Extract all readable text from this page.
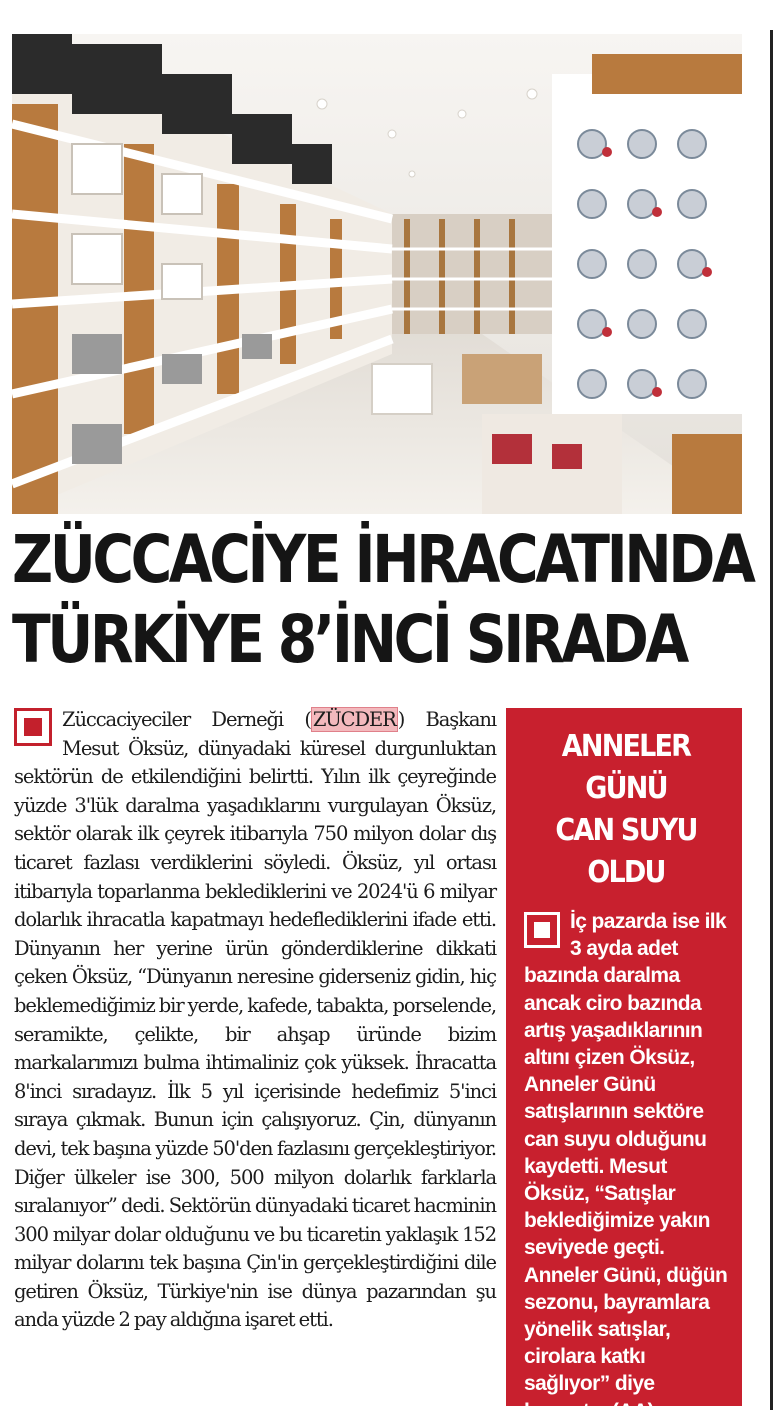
ZÜCCACİYE İHRACATINDA
TÜRKİYE 8’İNCİ SIRADA
Züccaciyeciler Derneği ( ZÜCDER ) Başkanı Mesut Öksüz, dünyadaki küresel durgunluktan sektörün de etkilendiğini belirtti. Yılın ilk çeyreğinde yüzde 3'lük daralma yaşadıklarını vurgulayan Öksüz, sektör olarak ilk çeyrek itibarıyla 750 milyon dolar dış ticaret fazlası verdiklerini söyledi. Öksüz, yıl ortası itibarıyla toparlanma beklediklerini ve 2024'ü 6 milyar dolarlık ihracatla kapatmayı hedeflediklerini ifade etti. Dünyanın her yerine ürün gönderdiklerine dikkati çeken Öksüz, “Dünyanın neresine giderseniz gidin, hiç beklemediğimiz bir yerde, kafede, tabakta, porselende, seramikte, çelikte, bir ahşap üründe bizim markalarımızı bulma ihtimaliniz çok yüksek. İhracatta 8'inci sıradayız. İlk 5 yıl içerisinde hedefimiz 5'inci sıraya çıkmak. Bunun için çalışıyoruz. Çin, dünyanın devi, tek başına yüzde 50'den fazlasını gerçekleştiriyor. Diğer ülkeler ise 300, 500 milyon dolarlık farklarla sıralanıyor” dedi. Sektörün dünyadaki ticaret hacminin 300 milyar dolar olduğunu ve bu ticaretin yaklaşık 152 milyar dolarını tek başına Çin'in gerçekleştirdiğini dile getiren Öksüz, Türkiye'nin ise dünya pazarından şu anda yüzde 2 pay aldığına işaret etti.
ANNELER GÜNÜ
CAN SUYU OLDU
İç pazarda ise ilk 3 ayda adet bazında daralma ancak ciro bazında artış yaşadıklarının altını çizen Öksüz, Anneler Günü satışlarının sektöre can suyu olduğunu kaydetti. Mesut Öksüz, ‘‘Satışlar beklediğimize yakın seviyede geçti. Anneler Günü, düğün sezonu, bayramlara yönelik satışlar, cirolara katkı sağlıyor” diye konuştu. (AA)
